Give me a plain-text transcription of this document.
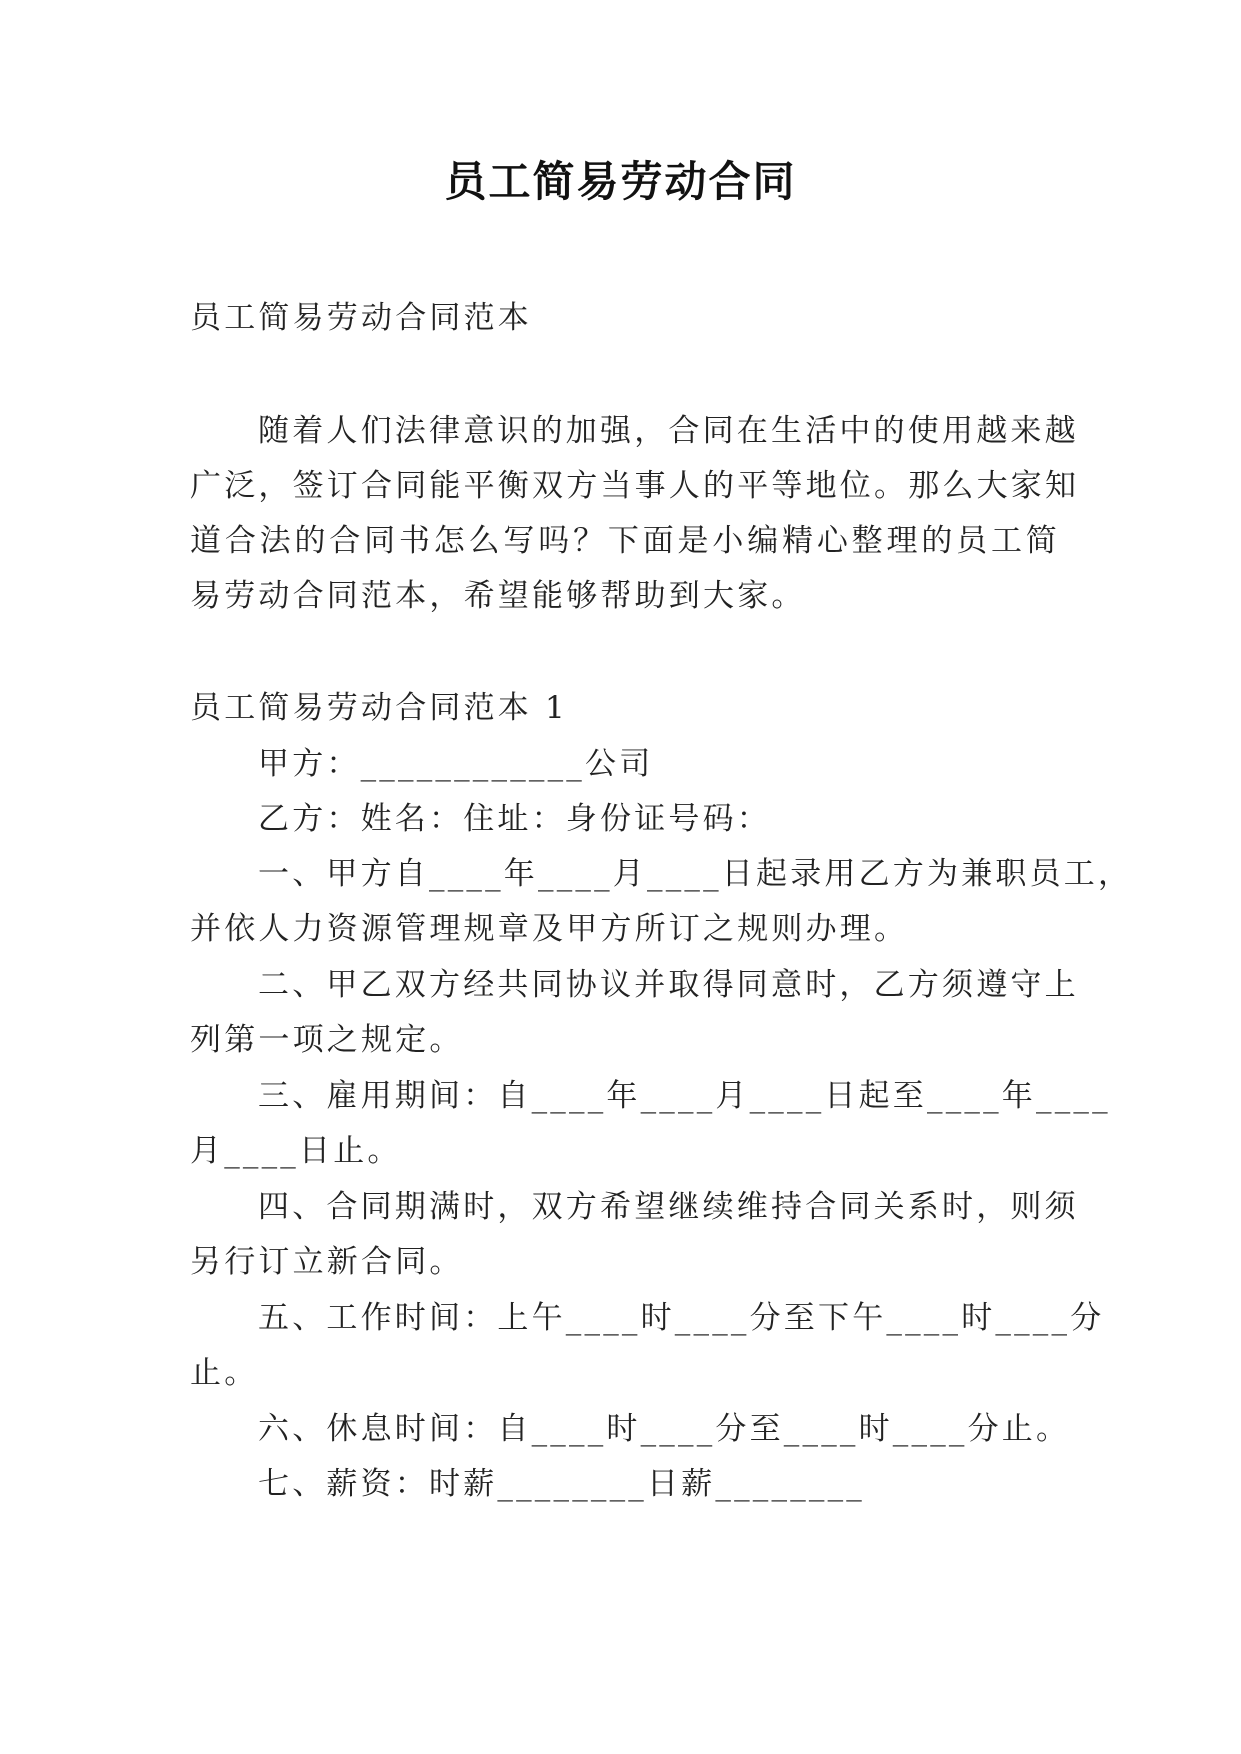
员工简易劳动合同
员工简易劳动合同范本
随着人们法律意识的加强，合同在生活中的使用越来越
广泛，签订合同能平衡双方当事人的平等地位。那么大家知
道合法的合同书怎么写吗？下面是小编精心整理的员工简
易劳动合同范本，希望能够帮助到大家。
员工简易劳动合同范本 1
甲方：____________公司
乙方：姓名：住址：身份证号码：
一、甲方自____年____月____日起录用乙方为兼职员工，
并依人力资源管理规章及甲方所订之规则办理。
二、甲乙双方经共同协议并取得同意时，乙方须遵守上
列第一项之规定。
三、雇用期间：自____年____月____日起至____年____
月____日止。
四、合同期满时，双方希望继续维持合同关系时，则须
另行订立新合同。
五、工作时间：上午____时____分至下午____时____分
止。
六、休息时间：自____时____分至____时____分止。
七、薪资：时薪________日薪________
